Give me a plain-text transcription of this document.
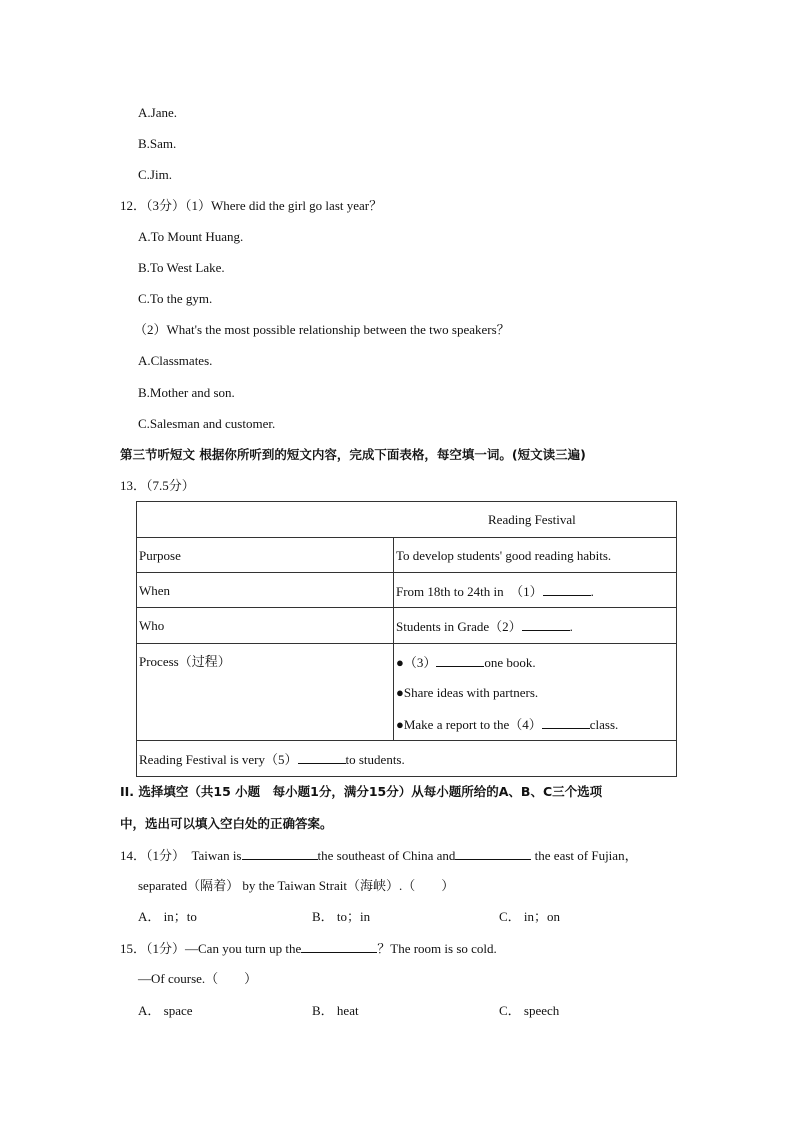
A.Jane.
B.Sam.
C.Jim.
12．（3分）（1）Where did the girl go last year？
A.To Mount Huang.
B.To West Lake.
C.To the gym.
（2）What's the most possible relationship between the two speakers？
A.Classmates.
B.Mother and son.
C.Salesman and customer.
第三节听短文 根据你所听到的短文内容，完成下面表格，每空填一词。(短文读三遍)
13．（7.5分）
Reading Festival	

Purpose	To develop students' good reading habits.
When	From 18th to 24th in　（1） .
Who	Students in Grade（2） .
Process（过程）	●（3） one book.
●Share ideas with partners.
●Make a report to the（4） class.

Reading Festival is very（5） to students.	
II. 选择填空（共15 小题　每小题1分，满分15分）从每小题所给的A、B、C三个选项
中，选出可以填入空白处的正确答案。
14．（1分）　Taiwan is	the southeast of China and	the east of Fujian，
separated（隔着） by the Taiwan Strait（海峡）.（　　）
A． in；to	B． to；in	C． in；on
15．（1分）—Can you turn up the	？The room is so cold.
—Of course.（　　）
A． space	B． heat	C． speech
